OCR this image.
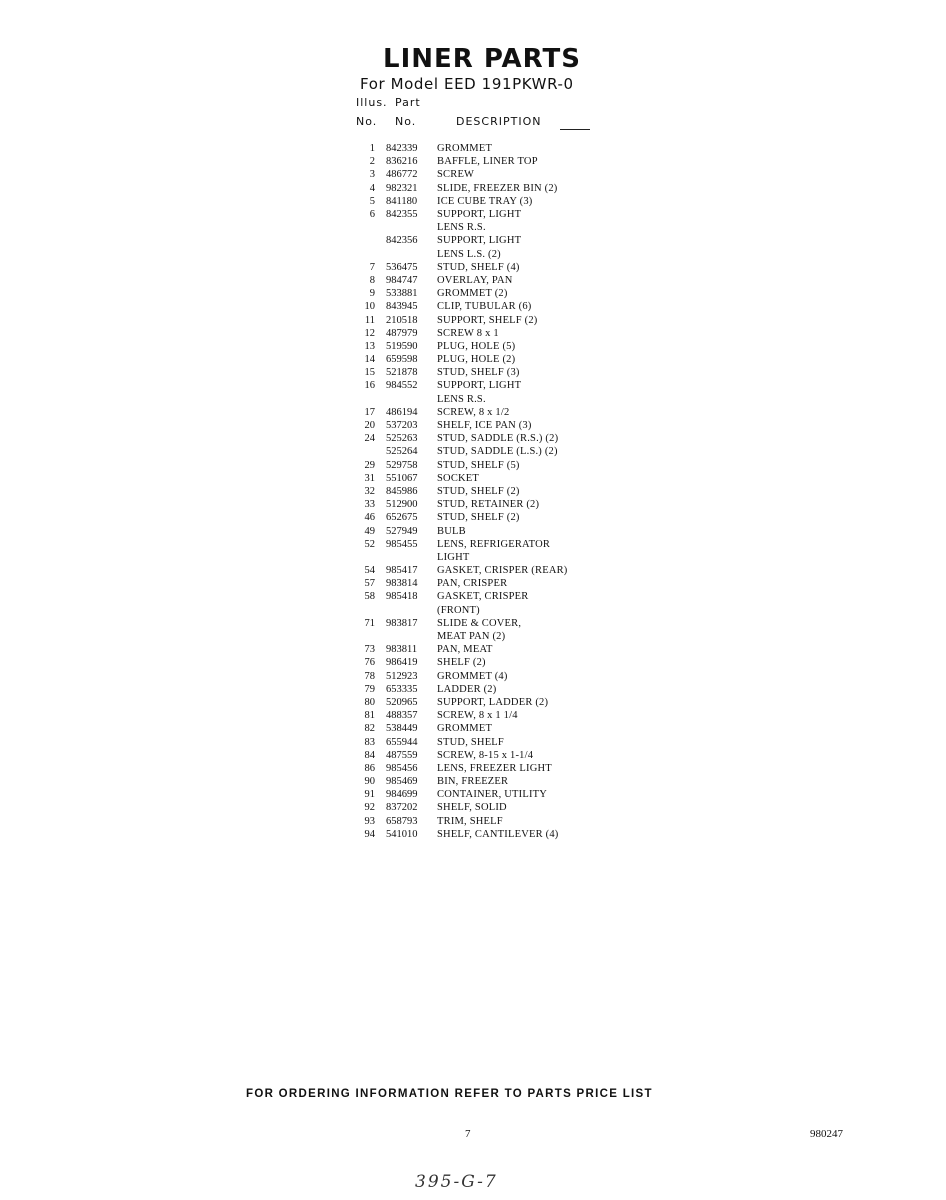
LINER PARTS
For Model EED 191PKWR-0
Illus. Part
No. No.	DESCRIPTION
1	842339	GROMMET
2	836216	BAFFLE, LINER TOP
3	486772	SCREW
4	982321	SLIDE, FREEZER BIN (2)
5	841180	ICE CUBE TRAY (3)
6	842355	SUPPORT, LIGHT
LENS R.S.
842356	SUPPORT, LIGHT
LENS L.S. (2)
7	536475	STUD, SHELF (4)
8	984747	OVERLAY, PAN
9	533881	GROMMET (2)
10	843945	CLIP, TUBULAR (6)
11	210518	SUPPORT, SHELF (2)
12	487979	SCREW 8 x 1
13	519590	PLUG, HOLE (5)
14	659598	PLUG, HOLE (2)
15	521878	STUD, SHELF (3)
16	984552	SUPPORT, LIGHT
LENS R.S.
17	486194	SCREW, 8 x 1/2
20	537203	SHELF, ICE PAN (3)
24	525263	STUD, SADDLE (R.S.) (2)
525264	STUD, SADDLE (L.S.) (2)
29	529758	STUD, SHELF (5)
31	551067	SOCKET
32	845986	STUD, SHELF (2)
33	512900	STUD, RETAINER (2)
46	652675	STUD, SHELF (2)
49	527949	BULB
52	985455	LENS, REFRIGERATOR
LIGHT
54	985417	GASKET, CRISPER (REAR)
57	983814	PAN, CRISPER
58	985418	GASKET, CRISPER
(FRONT)
71	983817	SLIDE & COVER,
MEAT PAN (2)
73	983811	PAN, MEAT
76	986419	SHELF (2)
78	512923	GROMMET (4)
79	653335	LADDER (2)
80	520965	SUPPORT, LADDER (2)
81	488357	SCREW, 8 x 1 1/4
82	538449	GROMMET
83	655944	STUD, SHELF
84	487559	SCREW, 8-15 x 1-1/4
86	985456	LENS, FREEZER LIGHT
90	985469	BIN, FREEZER
91	984699	CONTAINER, UTILITY
92	837202	SHELF, SOLID
93	658793	TRIM, SHELF
94	541010	SHELF, CANTILEVER (4)
FOR ORDERING INFORMATION REFER TO PARTS PRICE LIST
7	980247
395-G-7
